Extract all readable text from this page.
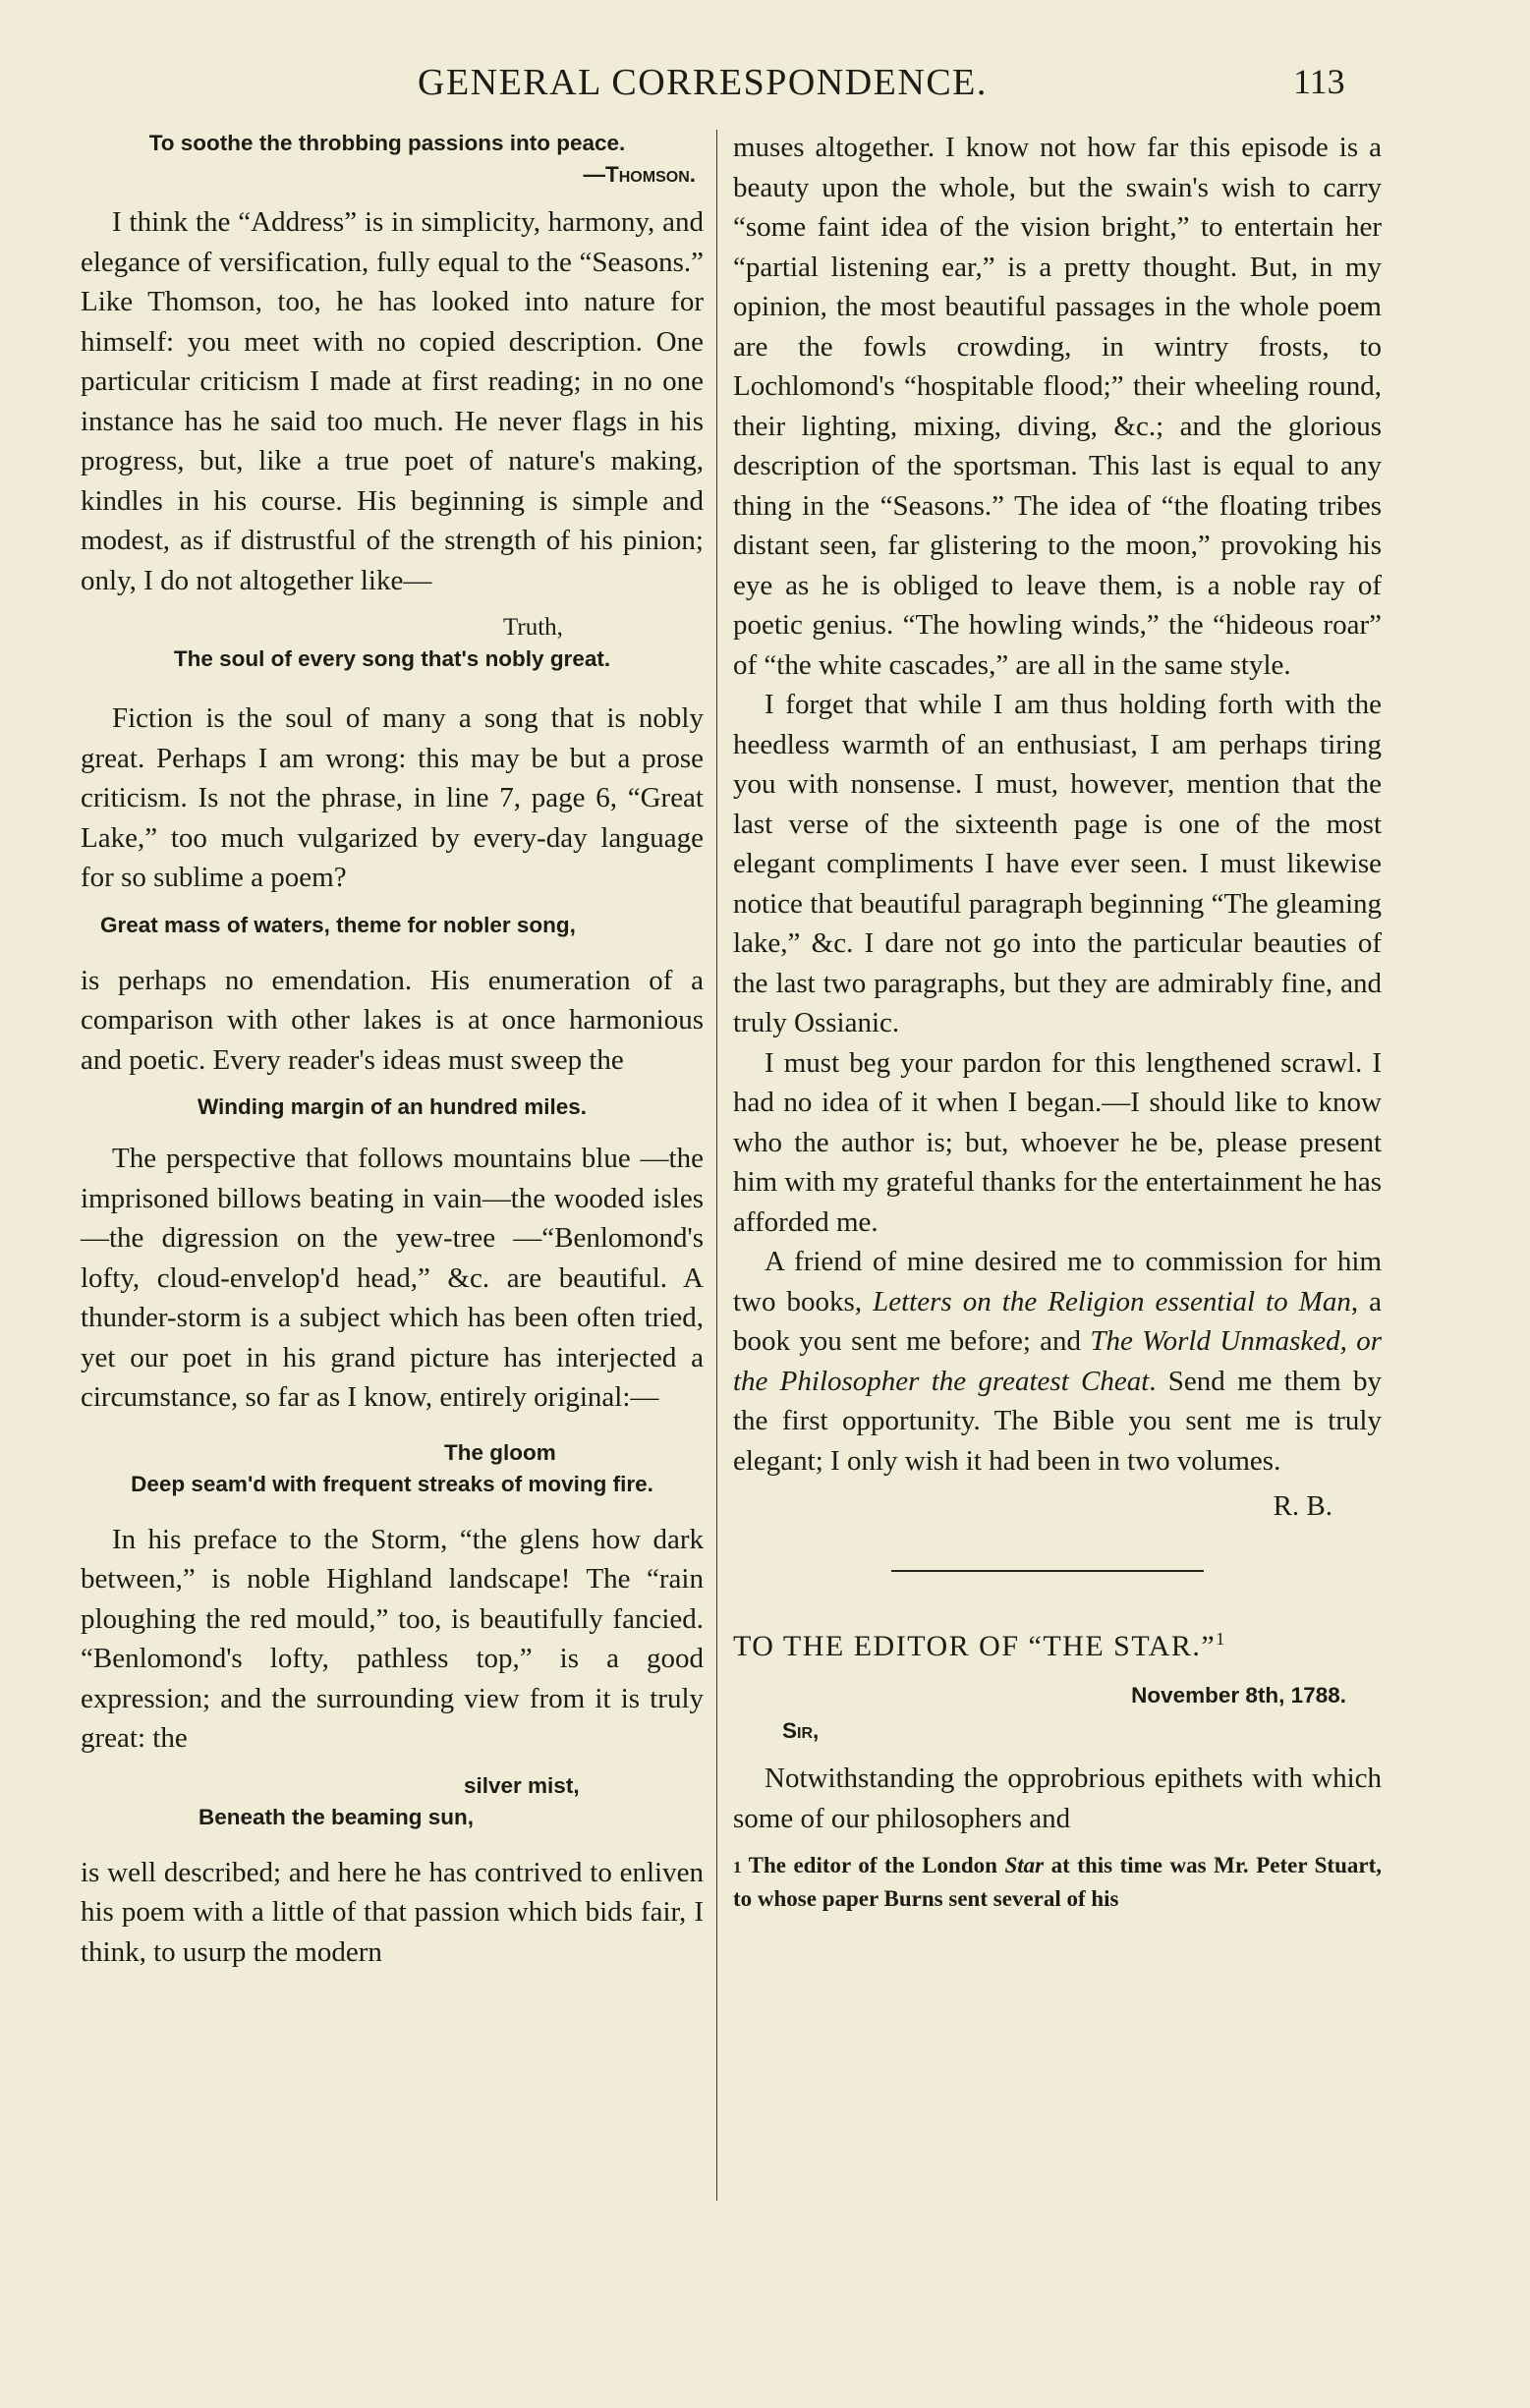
GENERAL CORRESPONDENCE.	113

To soothe the throbbing passions into peace.

—Thomson.

I think the “Address” is in simplicity, harmony, and elegance of versification, fully equal to the “Seasons.” Like Thomson, too, he has looked into nature for himself: you meet with no copied description. One particular criticism I made at first reading; in no one instance has he said too much. He never flags in his progress, but, like a true poet of nature's making, kindles in his course. His beginning is simple and modest, as if distrustful of the strength of his pinion; only, I do not altogether like—

Truth,

The soul of every song that's nobly great.

Fiction is the soul of many a song that is nobly great. Perhaps I am wrong: this may be but a prose criticism. Is not the phrase, in line 7, page 6, “Great Lake,” too much vulgarized by every-day language for so sublime a poem?

Great mass of waters, theme for nobler song,

is perhaps no emendation. His enumeration of a comparison with other lakes is at once harmonious and poetic. Every reader's ideas must sweep the

Winding margin of an hundred miles.

The perspective that follows mountains blue —the imprisoned billows beating in vain—the wooded isles—the digression on the yew-tree —“Benlomond's lofty, cloud-envelop'd head,” &c. are beautiful. A thunder-storm is a subject which has been often tried, yet our poet in his grand picture has interjected a circumstance, so far as I know, entirely original:—

The gloom

Deep seam'd with frequent streaks of moving fire.

In his preface to the Storm, “the glens how dark between,” is noble Highland landscape! The “rain ploughing the red mould,” too, is beautifully fancied. “Benlomond's lofty, pathless top,” is a good expression; and the surrounding view from it is truly great: the

silver mist,

Beneath the beaming sun,

is well described; and here he has contrived to enliven his poem with a little of that passion which bids fair, I think, to usurp the modern

muses altogether. I know not how far this episode is a beauty upon the whole, but the swain's wish to carry “some faint idea of the vision bright,” to entertain her “partial listening ear,” is a pretty thought. But, in my opinion, the most beautiful passages in the whole poem are the fowls crowding, in wintry frosts, to Lochlomond's “hospitable flood;” their wheeling round, their lighting, mixing, diving, &c.; and the glorious description of the sportsman. This last is equal to any thing in the “Seasons.” The idea of “the floating tribes distant seen, far glistering to the moon,” provoking his eye as he is obliged to leave them, is a noble ray of poetic genius. “The howling winds,” the “hideous roar” of “the white cascades,” are all in the same style.

I forget that while I am thus holding forth with the heedless warmth of an enthusiast, I am perhaps tiring you with nonsense. I must, however, mention that the last verse of the sixteenth page is one of the most elegant compliments I have ever seen. I must likewise notice that beautiful paragraph beginning “The gleaming lake,” &c. I dare not go into the particular beauties of the last two paragraphs, but they are admirably fine, and truly Ossianic.

I must beg your pardon for this lengthened scrawl. I had no idea of it when I began.—I should like to know who the author is; but, whoever he be, please present him with my grateful thanks for the entertainment he has afforded me.

A friend of mine desired me to commission for him two books, Letters on the Religion essential to Man, a book you sent me before; and The World Unmasked, or the Philosopher the greatest Cheat. Send me them by the first opportunity. The Bible you sent me is truly elegant; I only wish it had been in two volumes.

R. B.

TO THE EDITOR OF “THE STAR.”$^1$

November 8th, 1788.

Sir,

Notwithstanding the opprobrious epithets with which some of our philosophers and

1 The editor of the London Star at this time was Mr. Peter Stuart, to whose paper Burns sent several of his
